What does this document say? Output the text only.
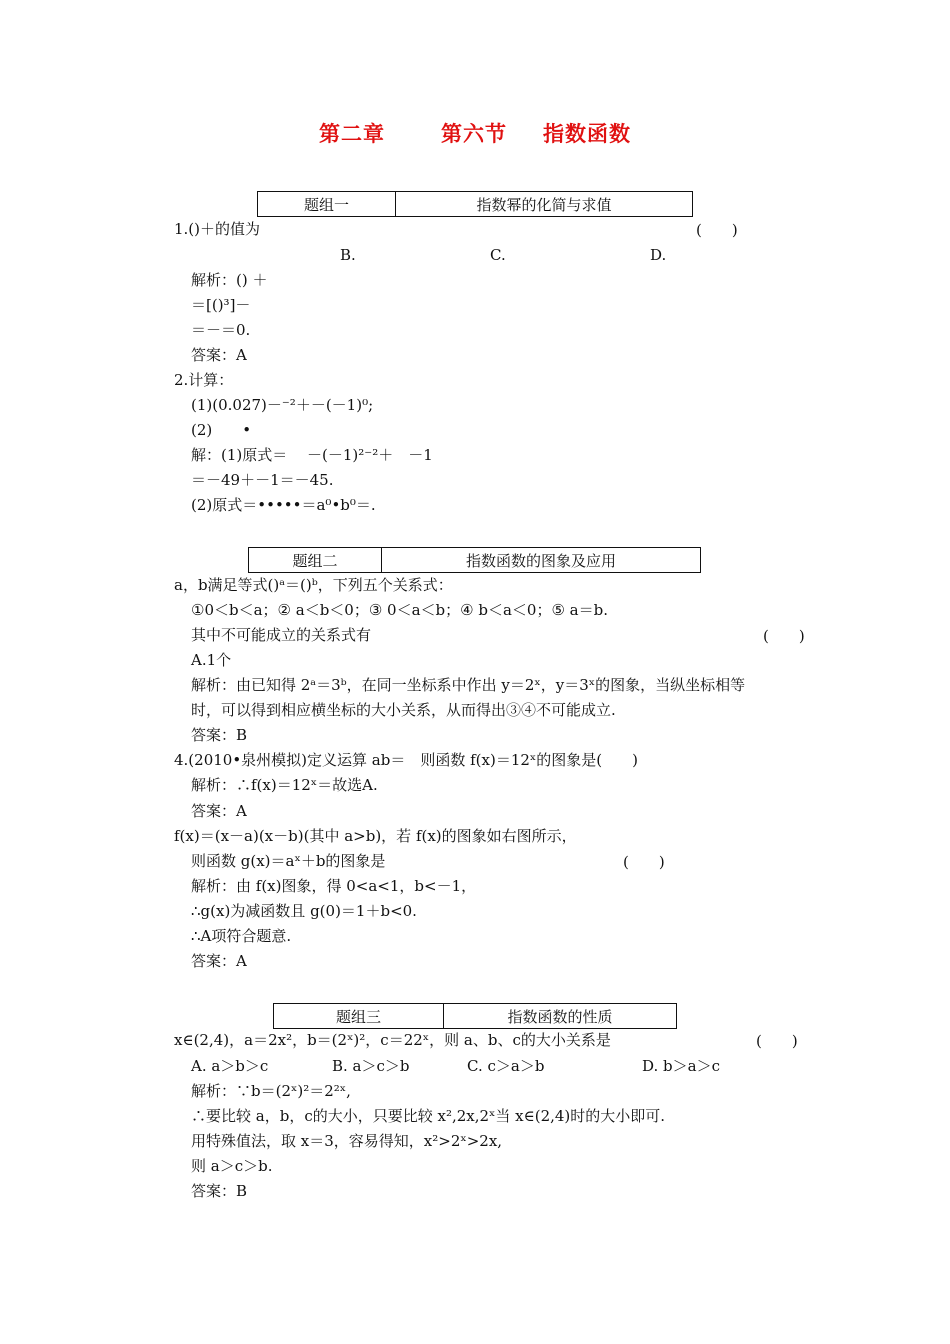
第二章	第六节 指数函数
题组一	指数幂的化简与求值
1.()＋的值为	(　　)
B.	C.	D.
解析：() ＋
＝[()³]－
＝－＝0.
答案：A
2.计算：
(1)(0.027)－⁻²＋－(－1)⁰;
(2)　　•
解：(1)原式＝　 －(－1)²⁻²＋　－1
＝－49＋－1＝－45.
(2)原式＝•••••＝a⁰•b⁰＝.
题组二	指数函数的图象及应用
a，b满足等式()ᵃ＝()ᵇ，下列五个关系式：
①0＜b＜a；② a＜b＜0；③ 0＜a＜b；④ b＜a＜0；⑤ a＝b.
其中不可能成立的关系式有	(　　)
A.1个
解析：由已知得 2ᵃ＝3ᵇ，在同一坐标系中作出 y＝2ˣ，y＝3ˣ的图象，当纵坐标相等
时，可以得到相应横坐标的大小关系，从而得出③④不可能成立.
答案：B
4.(2010•泉州模拟)定义运算 ab＝　则函数 f(x)＝12ˣ的图象是(　　)
解析：∴f(x)＝12ˣ＝故选A.
答案：A
f(x)＝(x－a)(x－b)(其中 a>b)，若 f(x)的图象如右图所示，
则函数 g(x)＝aˣ＋b的图象是	(　　)
解析：由 f(x)图象，得 0<a<1，b<－1，
∴g(x)为减函数且 g(0)＝1＋b<0.
∴A项符合题意.
答案：A
题组三	指数函数的性质
x∈(2,4)，a＝2x²，b＝(2ˣ)²，c＝22ˣ，则 a、b、c的大小关系是	(　　)
A. a＞b＞c	B. a＞c＞b	C. c＞a＞b	D. b＞a＞c
解析：∵b＝(2ˣ)²＝2²ˣ,
∴要比较 a，b，c的大小，只要比较 x²,2x,2ˣ当 x∈(2,4)时的大小即可.
用特殊值法，取 x＝3，容易得知，x²>2ˣ>2x,
则 a＞c＞b.
答案：B
